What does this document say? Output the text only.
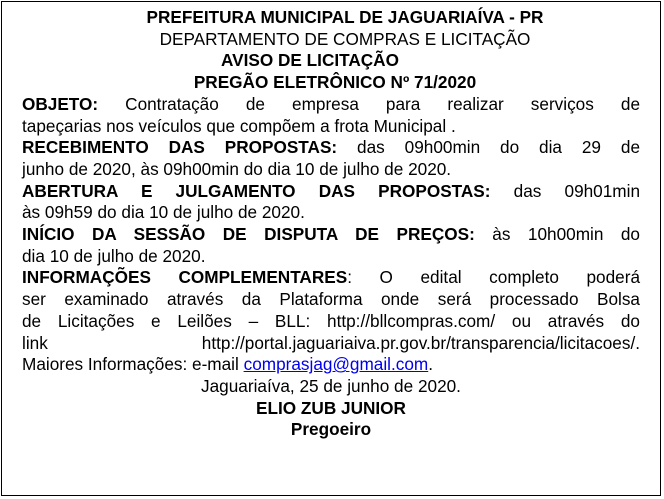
PREFEITURA MUNICIPAL DE JAGUARIAÍVA - PR
DEPARTAMENTO DE COMPRAS E LICITAÇÃO
AVISO DE LICITAÇÃO
PREGÃO ELETRÔNICO Nº 71/2020
OBJETO: Contratação de empresa para realizar serviços de
tapeçarias nos veículos que compõem a frota Municipal .
RECEBIMENTO DAS PROPOSTAS: das 09h00min do dia 29 de
junho de 2020, às 09h00min do dia 10 de julho de 2020.
ABERTURA E JULGAMENTO DAS PROPOSTAS: das 09h01min
às 09h59 do dia 10 de julho de 2020.
INÍCIO DA SESSÃO DE DISPUTA DE PREÇOS: às 10h00min do
dia 10 de julho de 2020.
INFORMAÇÕES COMPLEMENTARES: O edital completo poderá
ser examinado através da Plataforma onde será processado Bolsa
de Licitações e Leilões – BLL: http://bllcompras.com/ ou através do
link	http://portal.jaguariaiva.pr.gov.br/transparencia/licitacoes/.
Maiores Informações: e-mail comprasjag@gmail.com.
Jaguariaíva, 25 de junho de 2020.
ELIO ZUB JUNIOR
Pregoeiro
